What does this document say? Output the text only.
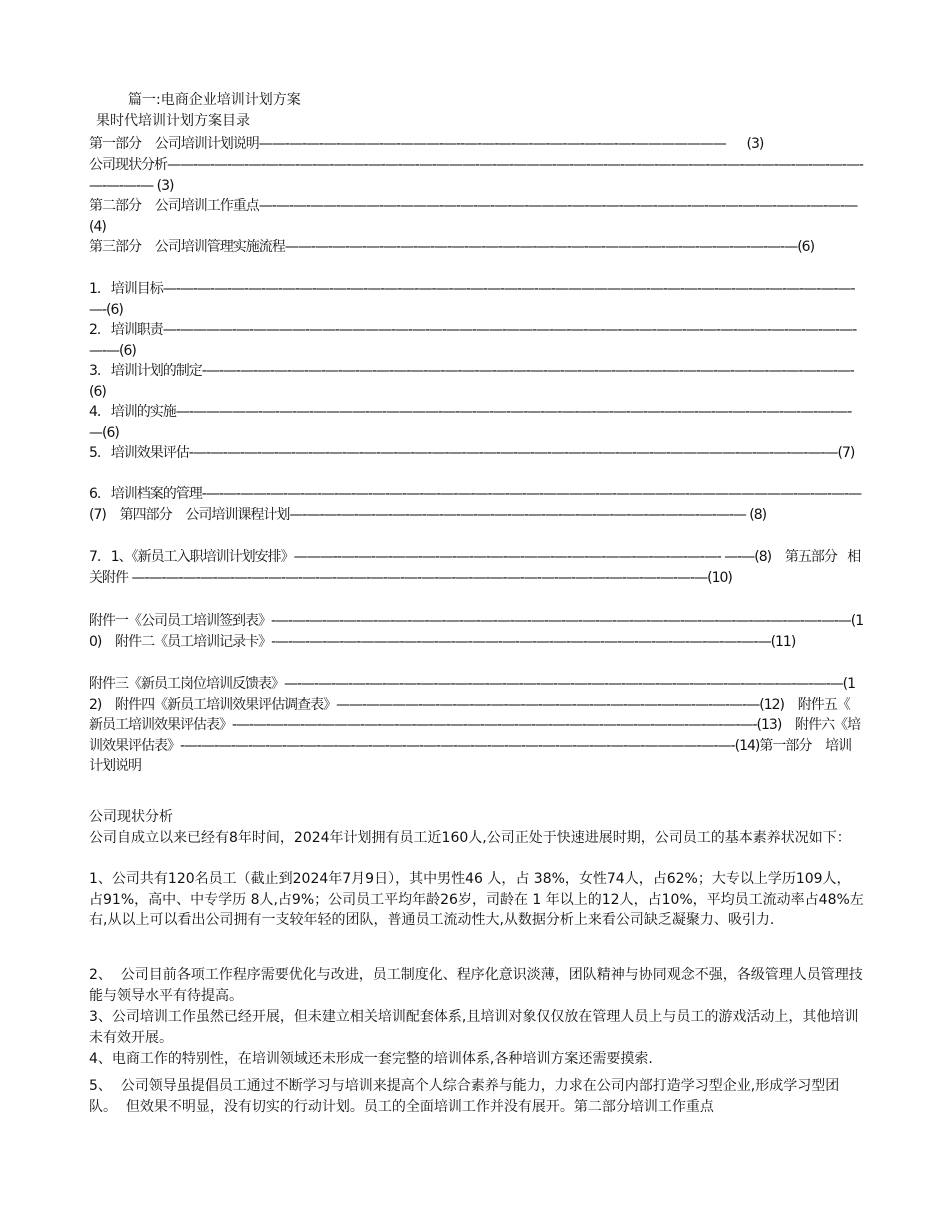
篇一:电商企业培训计划方案

果时代培训计划方案目录

第一部分    公司培训计划说明——-—-—-—-———-—-———-—--—-—-—-—-—-—-—-—-—-—-———————      (3)

公司现状分析——-—-—-—-—-—-—-—-—-—-—-—-—-—-—-———-—-—-———-—-—-—-—-—-—-—-—-—-—-—-—-—-—-—-—-—-—-—-—-—-— (3)

第二部分    公司培训工作重点—-—-—-——-———-—-———-—-—-—-—-—-———-—-—-—-—-—-—-—-—-—-—-—-—-—-—-—-—-—(4)

第三部分    公司培训管理实施流程——-—-—-—-—-—-—-—-—-—-—-—-—-—-—-—-—-—-———-—-—-—-—-—-—-—-—-—(6)

1.   培训目标—-—-—-—-—-—-—-—-—-—-—-—-—-—-—-—-—-—-—-—-—-—-—-———————-—-—-—-—-—-—-—-—-—-—-—-—-—-(6)

2.   培训职责—-————-—-————-——-————-—-—-—-——-——-——-—-—-—-—-—-—-—-——-—-—-—-—-—-—-—-—-—-—-—-—(6)

3.   培训计划的制定-—-—-—-—-—-—-—-—-—-—-—-—-—-—-—-—-—-—-—-—-—-—-—-—-—-—-—-—-—-—-—-—-—-—-—-—-—-—-(6)

4.   培训的实施—-—————-—-—-—-————-—-————-—-—-—-—-—-—-—-—-—-—-—-—-—-—-—-—-—-—-—-—-—-—-—-—-—(6)

5.   培训效果评估-—-—-—-—-—-—-—-—-—-—-—-—-—-—-—-—-—-—-—-—-—-—-—-—-—-—-—-—-—————-—-—-—-—-—-—(7)

6.   培训档案的管理-—-—-——-—-—-—-—-—-—-—-—-—-—-—-—-—-—-—-—-————-—-————-—-————————-—-—-—-—(7)    第四部分    公司培训课程计划—-—-—-—-—-—-—-—-—-—-—-—-—-—-—-—-—-—-—-—-—-—-—-—-—-—-— (8)

7.   1、《新员工入职培训计划安排》———--—-—-—-——-—-—-—-—-—-—-——-—-—-—-——-—-—-—-—-—- —-—(8)    第五部分   相关附件 —-—-—-—-—-—-—-—-—-—-—-—-—-—-—-—-—-—-—-—-—-—-—-—-—-—-—-—-—-—-—-—-—-—(10)

附件一《公司员工培训签到表》-—-—-—-—-—-—-—-—-—-—-—-—-—-—-—-—-—-—-—-—-—-—-—-—-—-—-—-—-—-—-—-—-—-—(10)    附件二《员工培训记录卡》-—-—-—-—-—-———-—-—-—-—-——-—-—-—-—-—-—-—-—-—-—-—-—-—-—-—-—(11)

附件三《新员工岗位培训反馈表》—-—-—-—-—-—-—-—-—-—-—-—-—-—-—-—-—-—-—-—-—-—-—-—-—-—-—-—-—-—-—-—-—(12)    附件四《新员工培训效果评估调查表》——-————-—-—-—-—-—-—-—-—-—-—-—-—-—-—-—-—-—-—-—-—(12)    附件五《 新员工培训效果评估表》-—-—-—-—-—-———-—-—-—-—-—-—-—-—-—-—-—-—-—-—-—-—-—-—-—-—-—-—-—-(13)    附件六《培训效果评估表》-—-—-—-—-—-—-—-—-—-—-—-—-—-—-—-—-—-—-—-—-—-—-—-—-—-—-—-————-—-—-(14)第一部分    培训计划说明

公司现状分析

公司自成立以来已经有8年时间，2024年计划拥有员工近160人,公司正处于快速进展时期，公司员工的基本素养状况如下：

1、公司共有120名员工（截止到2024年7月9日），其中男性46 人，占 38%，女性74人，占62%；大专以上学历109人，占91%，高中、中专学历 8人,占9%；公司员工平均年龄26岁，司龄在 1 年以上的12人，占10%，平均员工流动率占48%左右,从以上可以看出公司拥有一支较年轻的团队，普通员工流动性大,从数据分析上来看公司缺乏凝聚力、吸引力.

2、  公司目前各项工作程序需要优化与改进，员工制度化、程序化意识淡薄，团队精神与协同观念不强，各级管理人员管理技能与领导水平有待提高。

3、公司培训工作虽然已经开展，但未建立相关培训配套体系,且培训对象仅仅放在管理人员上与员工的游戏活动上，其他培训未有效开展。

4、电商工作的特别性，在培训领域还未形成一套完整的培训体系,各种培训方案还需要摸索.

5、  公司领导虽提倡员工通过不断学习与培训来提高个人综合素养与能力，力求在公司内部打造学习型企业,形成学习型团队。  但效果不明显，没有切实的行动计划。员工的全面培训工作并没有展开。第二部分培训工作重点
